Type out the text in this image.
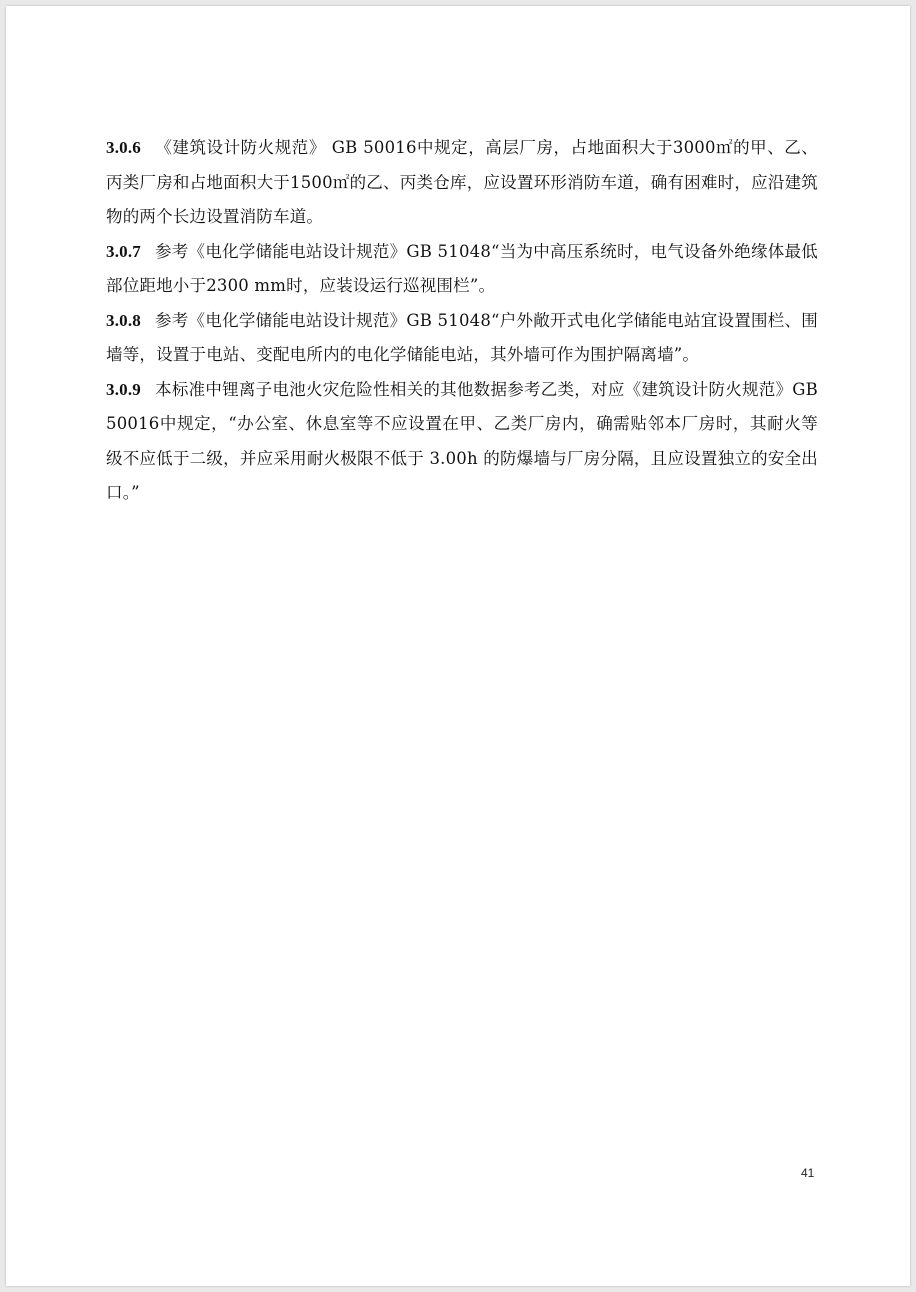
3.0.6 《建筑设计防火规范》 GB 50016中规定，高层厂房，占地面积大于3000㎡的甲、乙、丙类厂房和占地面积大于1500㎡的乙、丙类仓库，应设置环形消防车道，确有困难时，应沿建筑物的两个长边设置消防车道。

3.0.7 参考《电化学储能电站设计规范》GB 51048“当为中高压系统时，电气设备外绝缘体最低部位距地小于2300 mm时，应装设运行巡视围栏”。

3.0.8 参考《电化学储能电站设计规范》GB 51048“户外敞开式电化学储能电站宜设置围栏、围墙等，设置于电站、变配电所内的电化学储能电站，其外墙可作为围护隔离墙”。

3.0.9 本标准中锂离子电池火灾危险性相关的其他数据参考乙类，对应《建筑设计防火规范》GB 50016中规定，“办公室、休息室等不应设置在甲、乙类厂房内，确需贴邻本厂房时，其耐火等级不应低于二级，并应采用耐火极限不低于 3.00h 的防爆墙与厂房分隔，且应设置独立的安全出口。”

41
